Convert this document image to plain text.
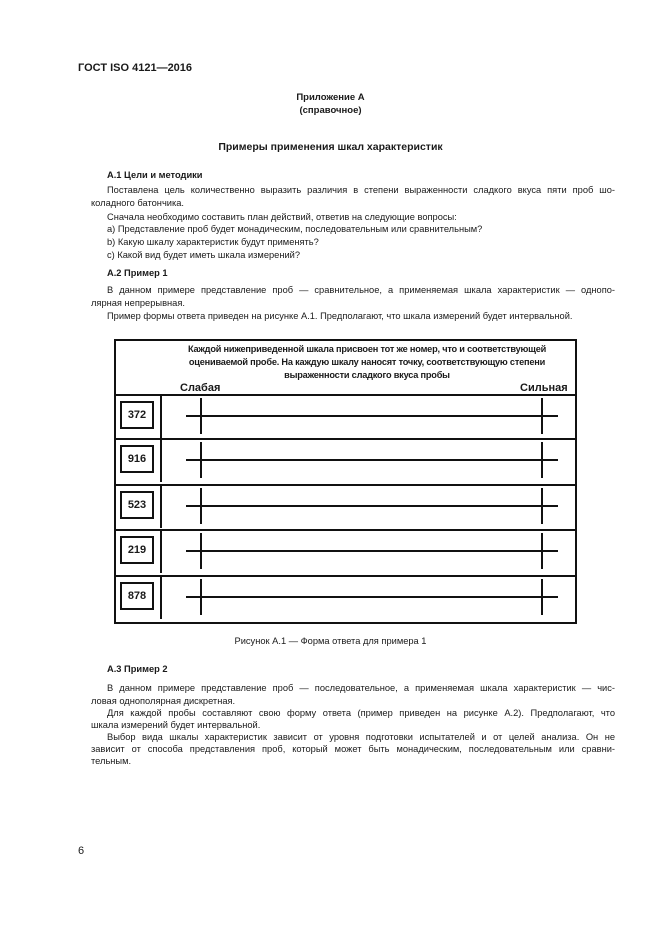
ГОСТ ISO 4121—2016
Приложение А
(справочное)
Примеры применения шкал характеристик
А.1 Цели и методики
Поставлена цель количественно выразить различия в степени выраженности сладкого вкуса пяти проб шо-
коладного батончика.
Сначала необходимо составить план действий, ответив на следующие вопросы:
а) Представление проб будет монадическим, последовательным или сравнительным?
b) Какую шкалу характеристик будут применять?
с) Какой вид будет иметь шкала измерений?
А.2 Пример 1
В данном примере представление проб — сравнительное, а применяемая шкала характеристик — однопо-
лярная непрерывная.
Пример формы ответа приведен на рисунке А.1. Предполагают, что шкала измерений будет интервальной.
Каждой нижеприведенной шкала присвоен тот же номер, что и соответствующей
оцениваемой пробе. На каждую шкалу наносят точку, соответствующую степени
выраженности сладкого вкуса пробы
Слабая	Сильная
372
916
523
219
878
Рисунок А.1 — Форма ответа для примера 1
А.3 Пример 2
В данном примере представление проб — последовательное, а применяемая шкала характеристик — чис-
ловая однополярная дискретная.
Для каждой пробы составляют свою форму ответа (пример приведен на рисунке А.2). Предполагают, что
шкала измерений будет интервальной.
Выбор вида шкалы характеристик зависит от уровня подготовки испытателей и от целей анализа. Он не
зависит от способа представления проб, который может быть монадическим, последовательным или сравни-
тельным.
6
